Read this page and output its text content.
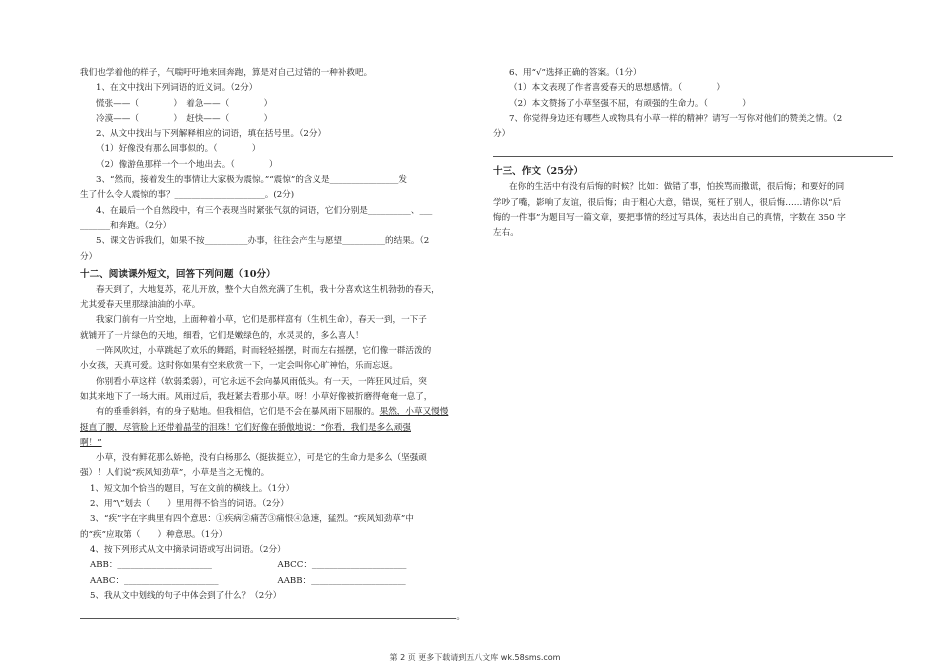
我们也学着他的样子，气喘吁吁地来回奔跑，算是对自己过错的一种补救吧。
1、在文中找出下列词语的近义词。（2分）
慌张——（　　　　）　着急——（　　　　）
冷漠——（　　　　）　赶快——（　　　　）
2、从文中找出与下列解释相应的词语，填在括号里。（2分）
（1）好像没有那么回事似的。（　　　　）
（2）像游鱼那样一个一个地出去。（　　　　）
3、“然而，接着发生的事情让大家极为震惊。”“震惊”的含义是________________发
生了什么令人震惊的事？_____________________。(2分)
4、在最后一个自然段中，有三个表现当时紧张气氛的词语，它们分别是__________、___
_______和奔跑。（2分）
5、课文告诉我们，如果不按__________办事，往往会产生与愿望__________的结果。（2
分）
十二、阅读课外短文，回答下列问题（10分）
春天到了，大地复苏，花儿开放，整个大自然充满了生机，我十分喜欢这生机勃勃的春天，
尤其爱春天里那绿油油的小草。
我家门前有一片空地，上面种着小草，它们是那样富有（生机生命），春天一到，一下子
就铺开了一片绿色的天地，细看，它们是嫩绿色的，水灵灵的，多么喜人！
一阵风吹过，小草跳起了欢乐的舞蹈，时而轻轻摇摆，时而左右摇摆，它们像一群活泼的
小女孩，天真可爱。这时你如果有空来欣赏一下，一定会叫你心旷神怡，乐而忘返。
你别看小草这样（软弱柔弱），可它永远不会向暴风雨低头。有一天，一阵狂风过后，突
如其来地下了一场大雨。风雨过后，我赶紧去看那小草。呀！小草好像被折磨得奄奄一息了，
有的垂垂斜斜，有的身子贴地。但我相信，它们是不会在暴风雨下屈服的。果然，小草又慢慢
挺直了腰，尽管脸上还带着晶莹的泪珠！它们好像在骄傲地说：“你看，我们是多么顽强
啊！”
小草，没有鲜花那么娇艳，没有白杨那么（挺拔挺立），可是它的生命力是多么（坚强顽
强）！人们说“疾风知劲草”，小草是当之无愧的。
1、短文加个恰当的题目，写在文前的横线上。（1分）
2、用“\”划去（　　）里用得不恰当的词语。（2分）
3、“疾”字在字典里有四个意思：①疾病②痛苦③痛恨④急速，猛烈。“疾风知劲草”中
的“疾”应取第（　　）种意思。（1分）
4、按下列形式从文中摘录词语或写出词语。（2分）
ABB：______________________	ABCC：______________________
AABC：______________________	AABB：______________________
5、我从文中划线的句子中体会到了什么？（2分）
。
6、用“√”选择正确的答案。（1分）
（1）本文表现了作者喜爱春天的思想感情。（　　　　）
（2）本文赞扬了小草坚强不屈，有顽强的生命力。（　　　　）
7、你觉得身边还有哪些人或物具有小草一样的精神？请写一写你对他们的赞美之情。（2
分）
十三、作文（25分）
在你的生活中有没有后悔的时候？比如：做错了事，怕挨骂而撒谎，很后悔；和要好的同
学吵了嘴，影响了友谊，很后悔；由于粗心大意，错误，冤枉了别人，很后悔……请你以“后
悔的一件事”为题目写一篇文章，要把事情的经过写具体，表达出自己的真情，字数在 350 字
左右。
第 2 页 更多下载请到五八文库 wk.58sms.com
